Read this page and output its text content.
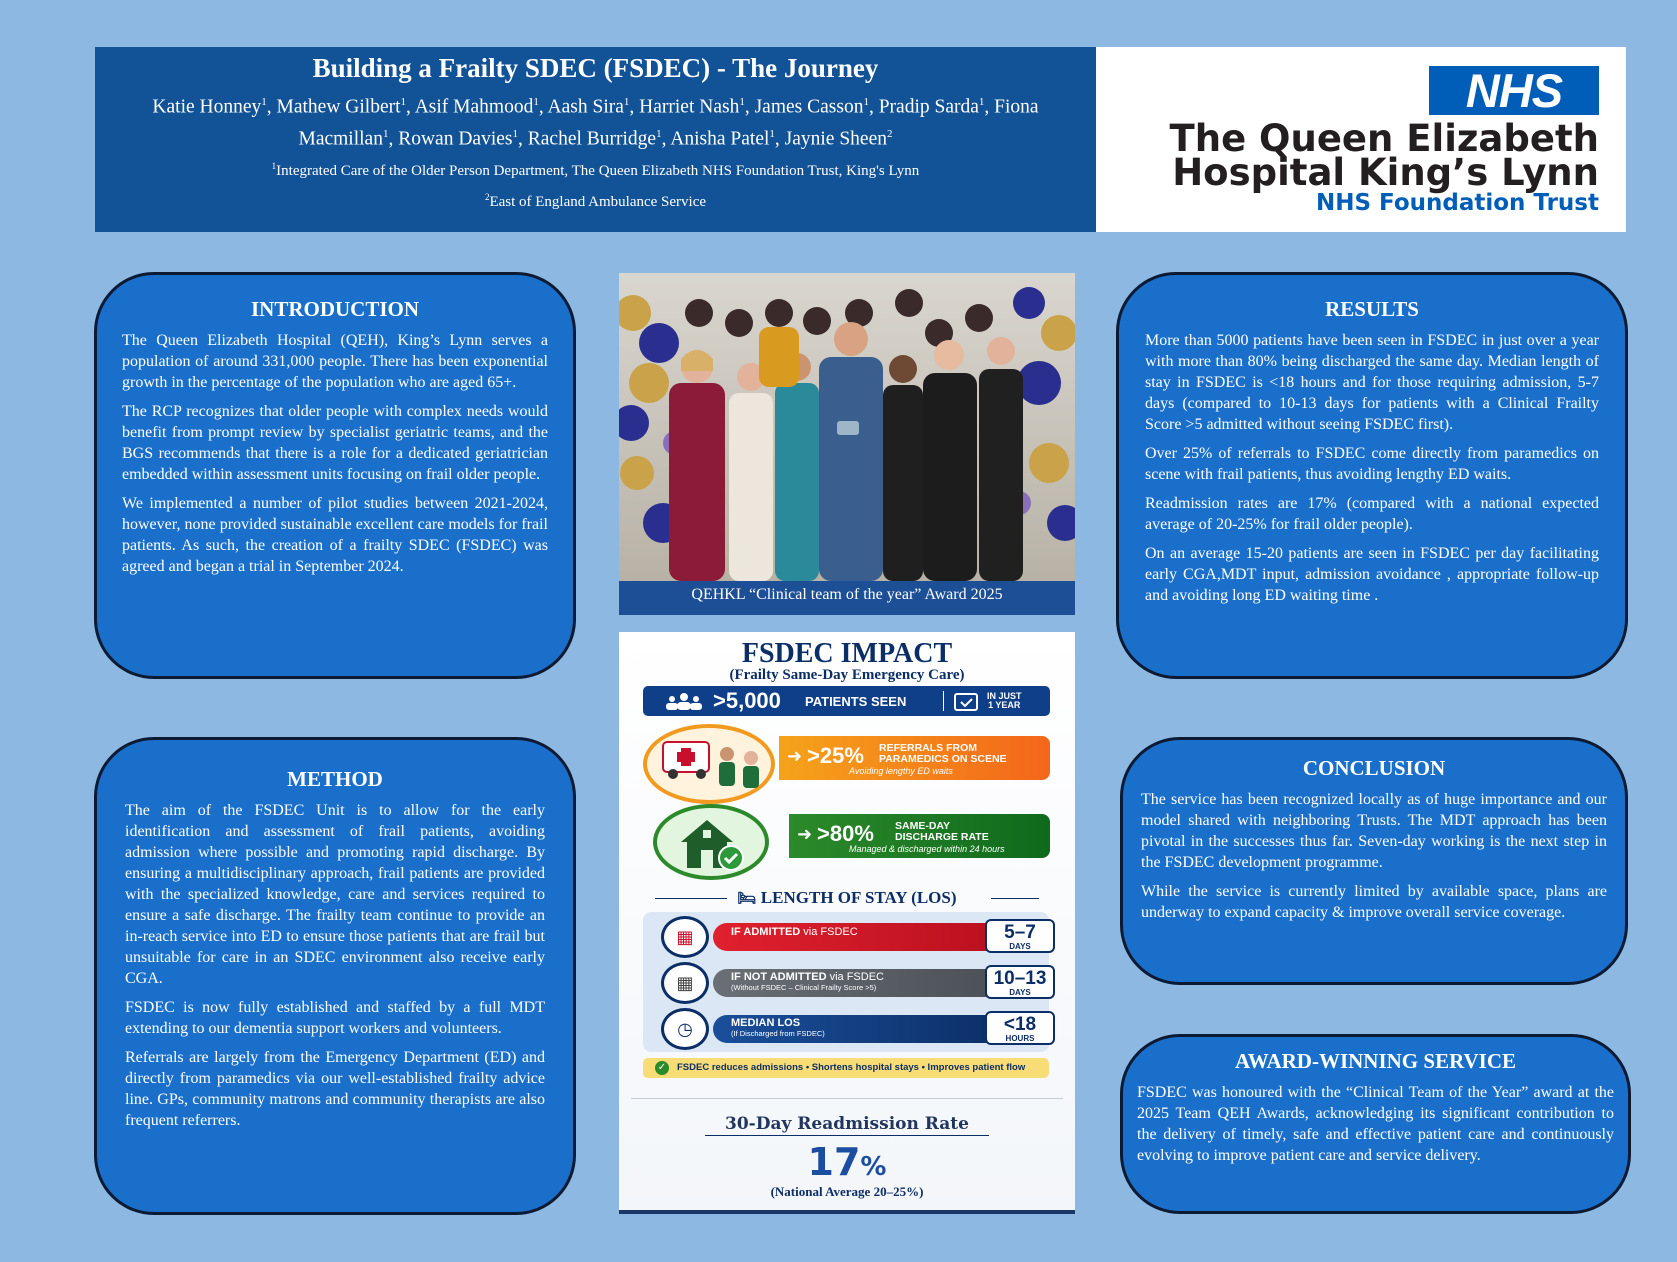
Building a Frailty SDEC (FSDEC) - The Journey
Katie Honney$^1$, Mathew Gilbert$^1$, Asif Mahmood$^1$, Aash Sira$^1$, Harriet Nash$^1$, James Casson$^1$, Pradip Sarda$^1$, Fiona Macmillan$^1$, Rowan Davies$^1$, Rachel Burridge$^1$, Anisha Patel$^1$, Jaynie Sheen$^2$
$^1$Integrated Care of the Older Person Department, The Queen Elizabeth NHS Foundation Trust, King's Lynn
$^2$East of England Ambulance Service
NHS
The Queen Elizabeth
Hospital King’s Lynn
NHS Foundation Trust
INTRODUCTION

The Queen Elizabeth Hospital (QEH), King’s Lynn serves a population of around 331,000 people. There has been exponential growth in the percentage of the population who are aged 65+.

The RCP recognizes that older people with complex needs would benefit from prompt review by specialist geriatric teams, and the BGS recommends that there is a role for a dedicated geriatrician embedded within assessment units focusing on frail older people.

We implemented a number of pilot studies between 2021-2024, however, none provided sustainable excellent care models for frail patients. As such, the creation of a frailty SDEC (FSDEC) was agreed and began a trial in September 2024.

METHOD

The aim of the FSDEC Unit is to allow for the early identification and assessment of frail patients, avoiding admission where possible and promoting rapid discharge. By ensuring a multidisciplinary approach, frail patients are provided with the specialized knowledge, care and services required to ensure a safe discharge. The frailty team continue to provide an in-reach service into ED to ensure those patients that are frail but unsuitable for care in an SDEC environment also receive early CGA.

FSDEC is now fully established and staffed by a full MDT extending to our dementia support workers and volunteers.

Referrals are largely from the Emergency Department (ED) and directly from paramedics via our well-established frailty advice line. GPs, community matrons and community therapists are also frequent referrers.

QEHKL “Clinical team of the year” Award 2025
FSDEC IMPACT
(Frailty Same-Day Emergency Care)
>5,000 PATIENTS SEEN	IN JUST
1 YEAR
➜ >25% REFERRALS FROM
PARAMEDICS ON SCENE
Avoiding lengthy ED waits
➜ >80% SAME-DAY
DISCHARGE RATE
Managed & discharged within 24 hours
🛏 LENGTH OF STAY (LOS)
IF ADMITTED via FSDEC
▦	5–7
DAYS
IF NOT ADMITTED via FSDEC
(Without FSDEC – Clinical Frailty Score >5)
▦	10–13
DAYS
MEDIAN LOS
(If Discharged from FSDEC)
◷	<18
HOURS
✓ FSDEC reduces admissions • Shortens hospital stays • Improves patient flow
30-Day Readmission Rate
17%
(National Average 20–25%)
RESULTS

More than 5000 patients have been seen in FSDEC in just over a year with more than 80% being discharged the same day. Median length of stay in FSDEC is <18 hours and for those requiring admission, 5-7 days (compared to 10-13 days for patients with a Clinical Frailty Score >5 admitted without seeing FSDEC first).

Over 25% of referrals to FSDEC come directly from paramedics on scene with frail patients, thus avoiding lengthy ED waits.

Readmission rates are 17% (compared with a national expected average of 20-25% for frail older people).

On an average 15-20 patients are seen in FSDEC per day facilitating early CGA,MDT input, admission avoidance , appropriate follow-up and avoiding long ED waiting time .

CONCLUSION

The service has been recognized locally as of huge importance and our model shared with neighboring Trusts. The MDT approach has been pivotal in the successes thus far. Seven-day working is the next step in the FSDEC development programme.

While the service is currently limited by available space, plans are underway to expand capacity & improve overall service coverage.

AWARD-WINNING SERVICE

FSDEC was honoured with the “Clinical Team of the Year” award at the 2025 Team QEH Awards, acknowledging its significant contribution to the delivery of timely, safe and effective patient care and continuously evolving to improve patient care and service delivery.
